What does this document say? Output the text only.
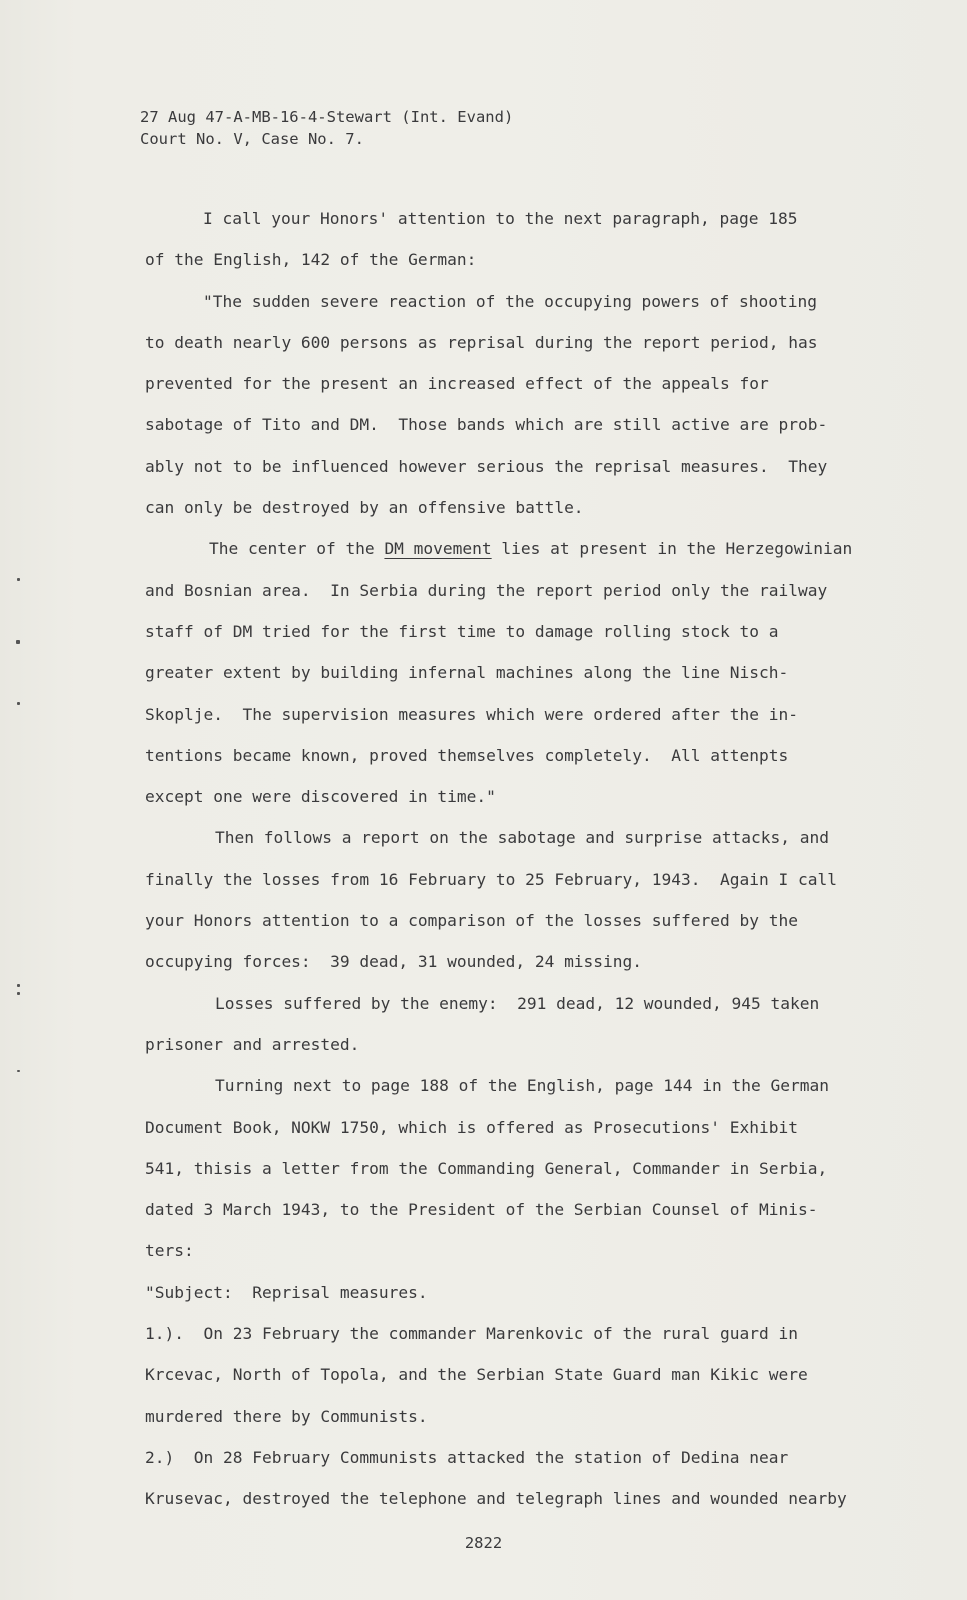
27 Aug 47-A-MB-16-4-Stewart (Int. Evand)
Court No. V, Case No. 7.
I call your Honors' attention to the next paragraph, page 185
of the English, 142 of the German:
"The sudden severe reaction of the occupying powers of shooting
to death nearly 600 persons as reprisal during the report period, has
prevented for the present an increased effect of the appeals for
sabotage of Tito and DM.  Those bands which are still active are prob-
ably not to be influenced however serious the reprisal measures.  They
can only be destroyed by an offensive battle.
The center of the DM movement lies at present in the Herzegowinian
and Bosnian area.  In Serbia during the report period only the railway
staff of DM tried for the first time to damage rolling stock to a
greater extent by building infernal machines along the line Nisch-
Skoplje.  The supervision measures which were ordered after the in-
tentions became known, proved themselves completely.  All attenpts
except one were discovered in time."
Then follows a report on the sabotage and surprise attacks, and
finally the losses from 16 February to 25 February, 1943.  Again I call
your Honors attention to a comparison of the losses suffered by the
occupying forces:  39 dead, 31 wounded, 24 missing.
Losses suffered by the enemy:  291 dead, 12 wounded, 945 taken
prisoner and arrested.
Turning next to page 188 of the English, page 144 in the German
Document Book, NOKW 1750, which is offered as Prosecutions' Exhibit
541, thisis a letter from the Commanding General, Commander in Serbia,
dated 3 March 1943, to the President of the Serbian Counsel of Minis-
ters:
"Subject:  Reprisal measures.
1.).  On 23 February the commander Marenkovic of the rural guard in
Krcevac, North of Topola, and the Serbian State Guard man Kikic were
murdered there by Communists.
2.)  On 28 February Communists attacked the station of Dedina near
Krusevac, destroyed the telephone and telegraph lines and wounded nearby
2822
